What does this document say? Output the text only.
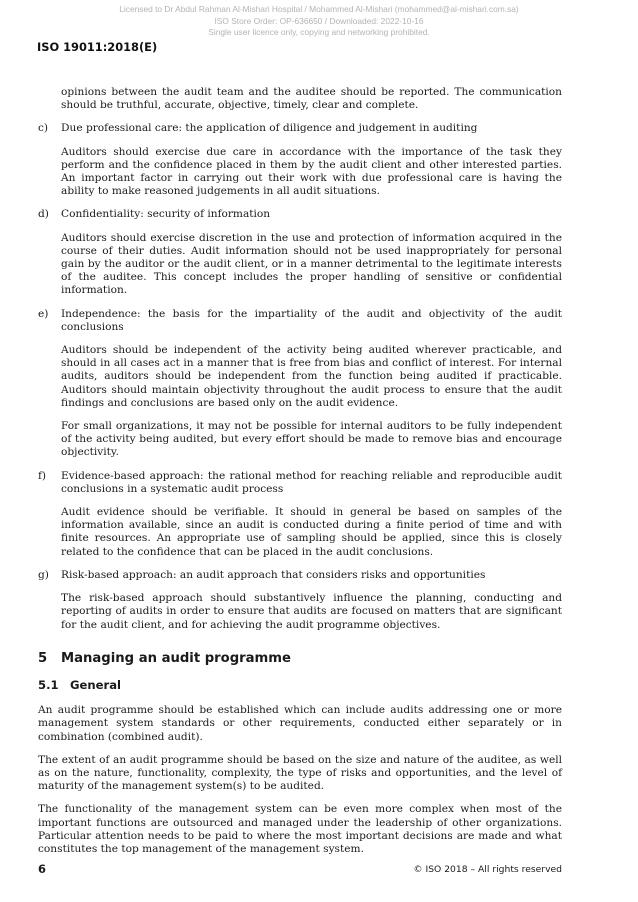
Licensed to Dr Abdul Rahman Al-Mishari Hospital / Mohammed Al-Mishari (mohammed@al-mishari.com.sa)
ISO Store Order: OP-636650 / Downloaded: 2022-10-16
Single user licence only, copying and networking prohibited.
ISO 19011:2018(E)

opinions between the audit team and the auditee should be reported. The communication should be truthful, accurate, objective, timely, clear and complete.

c)	Due professional care: the application of diligence and judgement in auditing

Auditors should exercise due care in accordance with the importance of the task they perform and the confidence placed in them by the audit client and other interested parties. An important factor in carrying out their work with due professional care is having the ability to make reasoned judgements in all audit situations.

d)	Confidentiality: security of information

Auditors should exercise discretion in the use and protection of information acquired in the course of their duties. Audit information should not be used inappropriately for personal gain by the auditor or the audit client, or in a manner detrimental to the legitimate interests of the auditee. This concept includes the proper handling of sensitive or confidential information.

e)	Independence: the basis for the impartiality of the audit and objectivity of the audit conclusions

Auditors should be independent of the activity being audited wherever practicable, and should in all cases act in a manner that is free from bias and conflict of interest. For internal audits, auditors should be independent from the function being audited if practicable. Auditors should maintain objectivity throughout the audit process to ensure that the audit findings and conclusions are based only on the audit evidence.

For small organizations, it may not be possible for internal auditors to be fully independent of the activity being audited, but every effort should be made to remove bias and encourage objectivity.

f)	Evidence-based approach: the rational method for reaching reliable and reproducible audit conclusions in a systematic audit process

Audit evidence should be verifiable. It should in general be based on samples of the information available, since an audit is conducted during a finite period of time and with finite resources. An appropriate use of sampling should be applied, since this is closely related to the confidence that can be placed in the audit conclusions.

g)	Risk-based approach: an audit approach that considers risks and opportunities

The risk-based approach should substantively influence the planning, conducting and reporting of audits in order to ensure that audits are focused on matters that are significant for the audit client, and for achieving the audit programme objectives.

5	Managing an audit programme
5.1 General

An audit programme should be established which can include audits addressing one or more management system standards or other requirements, conducted either separately or in combination (combined audit).

The extent of an audit programme should be based on the size and nature of the auditee, as well as on the nature, functionality, complexity, the type of risks and opportunities, and the level of maturity of the management system(s) to be audited.

The functionality of the management system can be even more complex when most of the important functions are outsourced and managed under the leadership of other organizations. Particular attention needs to be paid to where the most important decisions are made and what constitutes the top management of the management system.

6	© ISO 2018 – All rights reserved
